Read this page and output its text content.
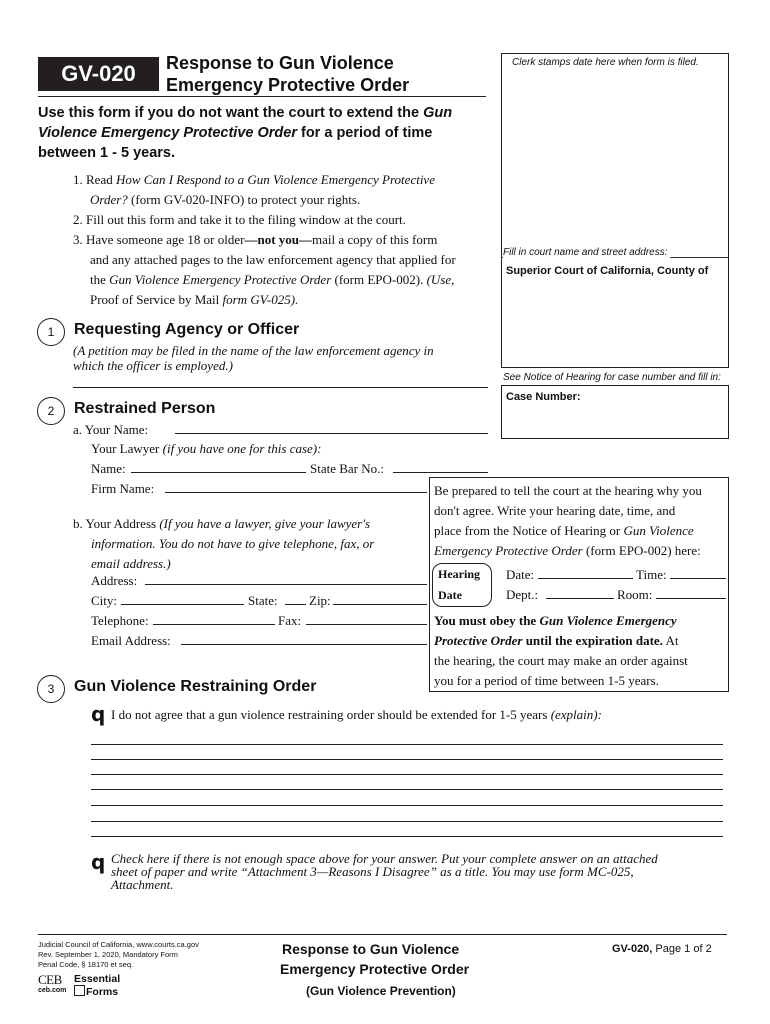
GV-020	Response to Gun Violence
Emergency Protective Order
Clerk stamps date here when form is filed.
Fill in court name and street address:
Superior Court of California, County of
See Notice of Hearing for case number and fill in:
Case Number:
Use this form if you do not want the court to extend the Gun Violence Emergency Protective Order for a period of time between 1 - 5 years.
1. Read How Can I Respond to a Gun Violence Emergency Protective
Order? (form GV-020-INFO) to protect your rights.
2. Fill out this form and take it to the filing window at the court.
3. Have someone age 18 or older—not you—mail a copy of this form
and any attached pages to the law enforcement agency that applied for
the Gun Violence Emergency Protective Order (form EPO-002). (Use,
Proof of Service by Mail form GV-025).
1	Requesting Agency or Officer
(A petition may be filed in the name of the law enforcement agency in
which the officer is employed.)
2	Restrained Person
a. Your Name:
Your Lawyer (if you have one for this case):
Name:	State Bar No.:
Firm Name:
b. Your Address (If you have a lawyer, give your lawyer's
information. You do not have to give telephone, fax, or
email address.)
Address:
City:	State: Zip:
Telephone:	Fax:
Email Address:
Be prepared to tell the court at the hearing why you
don't agree. Write your hearing date, time, and
place from the Notice of Hearing or Gun Violence
Emergency Protective Order (form EPO-002) here:
Hearing
Date
Date:	Time:
Dept.:	Room:
You must obey the Gun Violence Emergency
Protective Order until the expiration date. At
the hearing, the court may make an order against
you for a period of time between 1-5 years.
3	Gun Violence Restraining Order
q I do not agree that a gun violence restraining order should be extended for 1-5 years (explain):
q Check here if there is not enough space above for your answer. Put your complete answer on an attached
sheet of paper and write “Attachment 3—Reasons I Disagree” as a title. You may use form MC-025,
Attachment.
Judicial Council of California, www.courts.ca.gov
Rev. September 1, 2020, Mandatory Form
Penal Code, § 18170 et seq.
CEB
ceb.com
Essential
Forms
Response to Gun Violence
Emergency Protective Order
(Gun Violence Prevention)
GV-020, Page 1 of 2
